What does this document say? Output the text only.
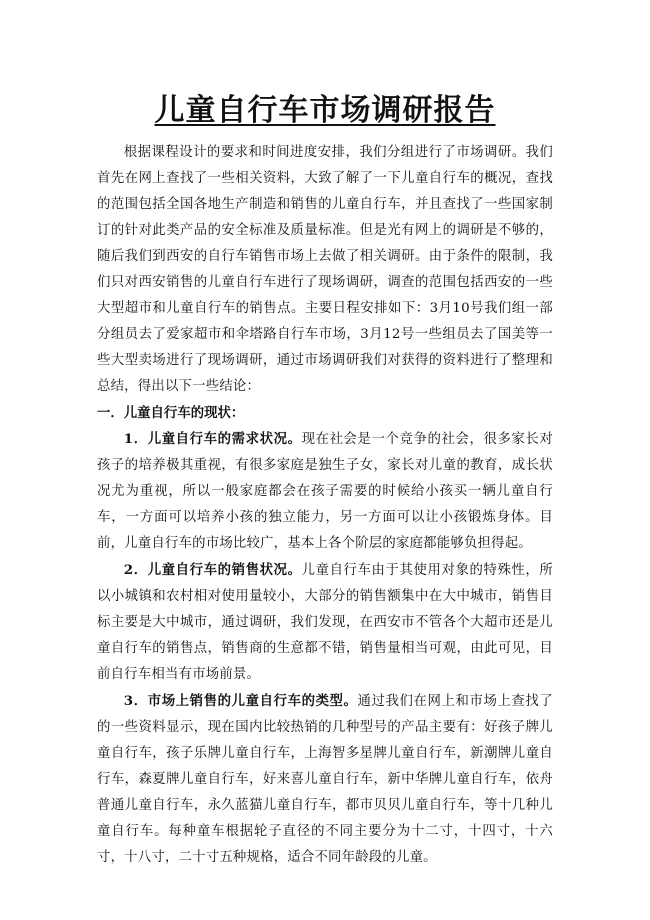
儿童自行车市场调研报告

根据课程设计的要求和时间进度安排，我们分组进行了市场调研。我们首先在网上查找了一些相关资料，大致了解了一下儿童自行车的概况，查找的范围包括全国各地生产制造和销售的儿童自行车，并且查找了一些国家制订的针对此类产品的安全标准及质量标准。但是光有网上的调研是不够的，随后我们到西安的自行车销售市场上去做了相关调研。由于条件的限制，我们只对西安销售的儿童自行车进行了现场调研，调查的范围包括西安的一些大型超市和儿童自行车的销售点。主要日程安排如下：3月10号我们组一部分组员去了爱家超市和伞塔路自行车市场，3月12号一些组员去了国美等一些大型卖场进行了现场调研，通过市场调研我们对获得的资料进行了整理和总结，得出以下一些结论：

一．儿童自行车的现状：

1．儿童自行车的需求状况。现在社会是一个竞争的社会，很多家长对孩子的培养极其重视，有很多家庭是独生子女，家长对儿童的教育，成长状况尤为重视，所以一般家庭都会在孩子需要的时候给小孩买一辆儿童自行车，一方面可以培养小孩的独立能力，另一方面可以让小孩锻炼身体。目前，儿童自行车的市场比较广，基本上各个阶层的家庭都能够负担得起。

2．儿童自行车的销售状况。儿童自行车由于其使用对象的特殊性，所以小城镇和农村相对使用量较小，大部分的销售额集中在大中城市，销售目标主要是大中城市，通过调研，我们发现，在西安市不管各个大超市还是儿童自行车的销售点，销售商的生意都不错，销售量相当可观，由此可见，目前自行车相当有市场前景。

3．市场上销售的儿童自行车的类型。通过我们在网上和市场上查找了的一些资料显示，现在国内比较热销的几种型号的产品主要有：好孩子牌儿童自行车，孩子乐牌儿童自行车，上海智多星牌儿童自行车，新潮牌儿童自行车，森夏牌儿童自行车，好来喜儿童自行车，新中华牌儿童自行车，依舟普通儿童自行车，永久蓝猫儿童自行车，都市贝贝儿童自行车，等十几种儿童自行车。每种童车根据轮子直径的不同主要分为十二寸，十四寸，十六寸，十八寸，二十寸五种规格，适合不同年龄段的儿童。
